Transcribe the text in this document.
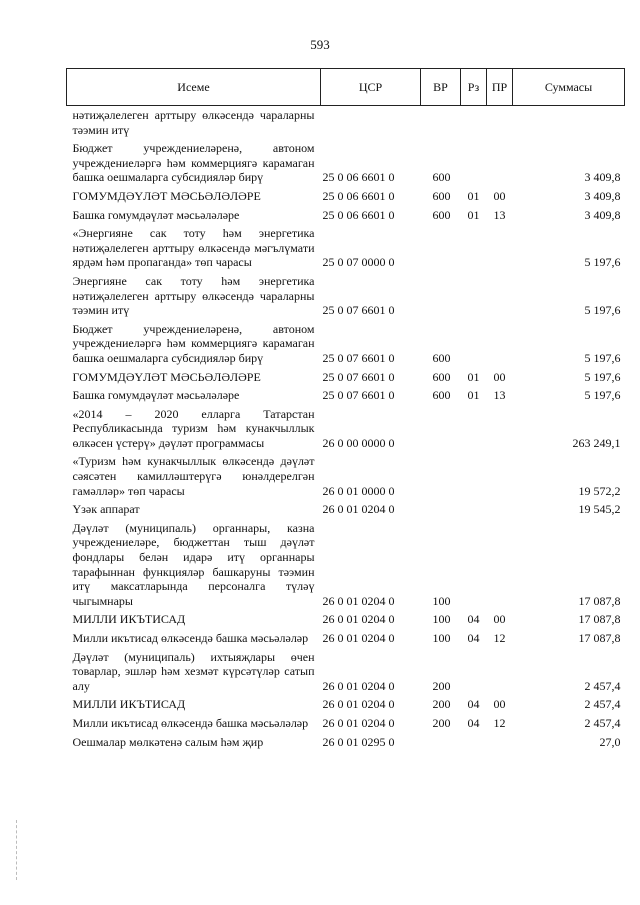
593
Исеме	ЦСР	ВР	Рз	ПР	Суммасы
нәтиҗәлелеген арттыру өлкәсендә чараларны тәэмин итү					
Бюджет учреждениеләренә, автоном учреждениеләргә һәм коммерциягә карамаган башка оешмаларга субсидияләр бирү	25 0 06 6601 0	600			3 409,8
ГОМУМДӘҮЛӘТ МӘСЬӘЛӘЛӘРЕ	25 0 06 6601 0	600	01	00	3 409,8
Башка гомумдәүләт мәсьәләләре	25 0 06 6601 0	600	01	13	3 409,8
«Энергияне сак тоту һәм энергетика нәтиҗәлелеген арттыру өлкәсендә мәгълүмати ярдәм һәм пропаганда» төп чарасы	25 0 07 0000 0				5 197,6
Энергияне сак тоту һәм энергетика нәтиҗәлелеген арттыру өлкәсендә чараларны тәэмин итү	25 0 07 6601 0				5 197,6
Бюджет учреждениеләренә, автоном учреждениеләргә һәм коммерциягә карамаган башка оешмаларга субсидияләр бирү	25 0 07 6601 0	600			5 197,6
ГОМУМДӘҮЛӘТ МӘСЬӘЛӘЛӘРЕ	25 0 07 6601 0	600	01	00	5 197,6
Башка гомумдәүләт мәсьәләләре	25 0 07 6601 0	600	01	13	5 197,6
«2014 – 2020 елларга Татарстан Республикасында туризм һәм кунакчыллык өлкәсен үстерү» дәүләт программасы	26 0 00 0000 0				263 249,1
«Туризм һәм кунакчыллык өлкәсендә дәүләт сәясәтен камилләштерүгә юнәлдерелгән гамәлләр» төп чарасы	26 0 01 0000 0				19 572,2
Үзәк аппарат	26 0 01 0204 0				19 545,2
Дәүләт (муниципаль) органнары, казна учреждениеләре, бюджеттан тыш дәүләт фондлары белән идарә итү органнары тарафыннан функцияләр башкаруны тәэмин итү максатларында персоналга түләү чыгымнары	26 0 01 0204 0	100			17 087,8
МИЛЛИ ИКЪТИСАД	26 0 01 0204 0	100	04	00	17 087,8
Милли икътисад өлкәсендә башка мәсьәләләр	26 0 01 0204 0	100	04	12	17 087,8
Дәүләт (муниципаль) ихтыяҗлары өчен товарлар, эшләр һәм хезмәт күрсәтүләр сатып алу	26 0 01 0204 0	200			2 457,4
МИЛЛИ ИКЪТИСАД	26 0 01 0204 0	200	04	00	2 457,4
Милли икътисад өлкәсендә башка мәсьәләләр	26 0 01 0204 0	200	04	12	2 457,4
Оешмалар мөлкәтенә салым һәм җир	26 0 01 0295 0				27,0
